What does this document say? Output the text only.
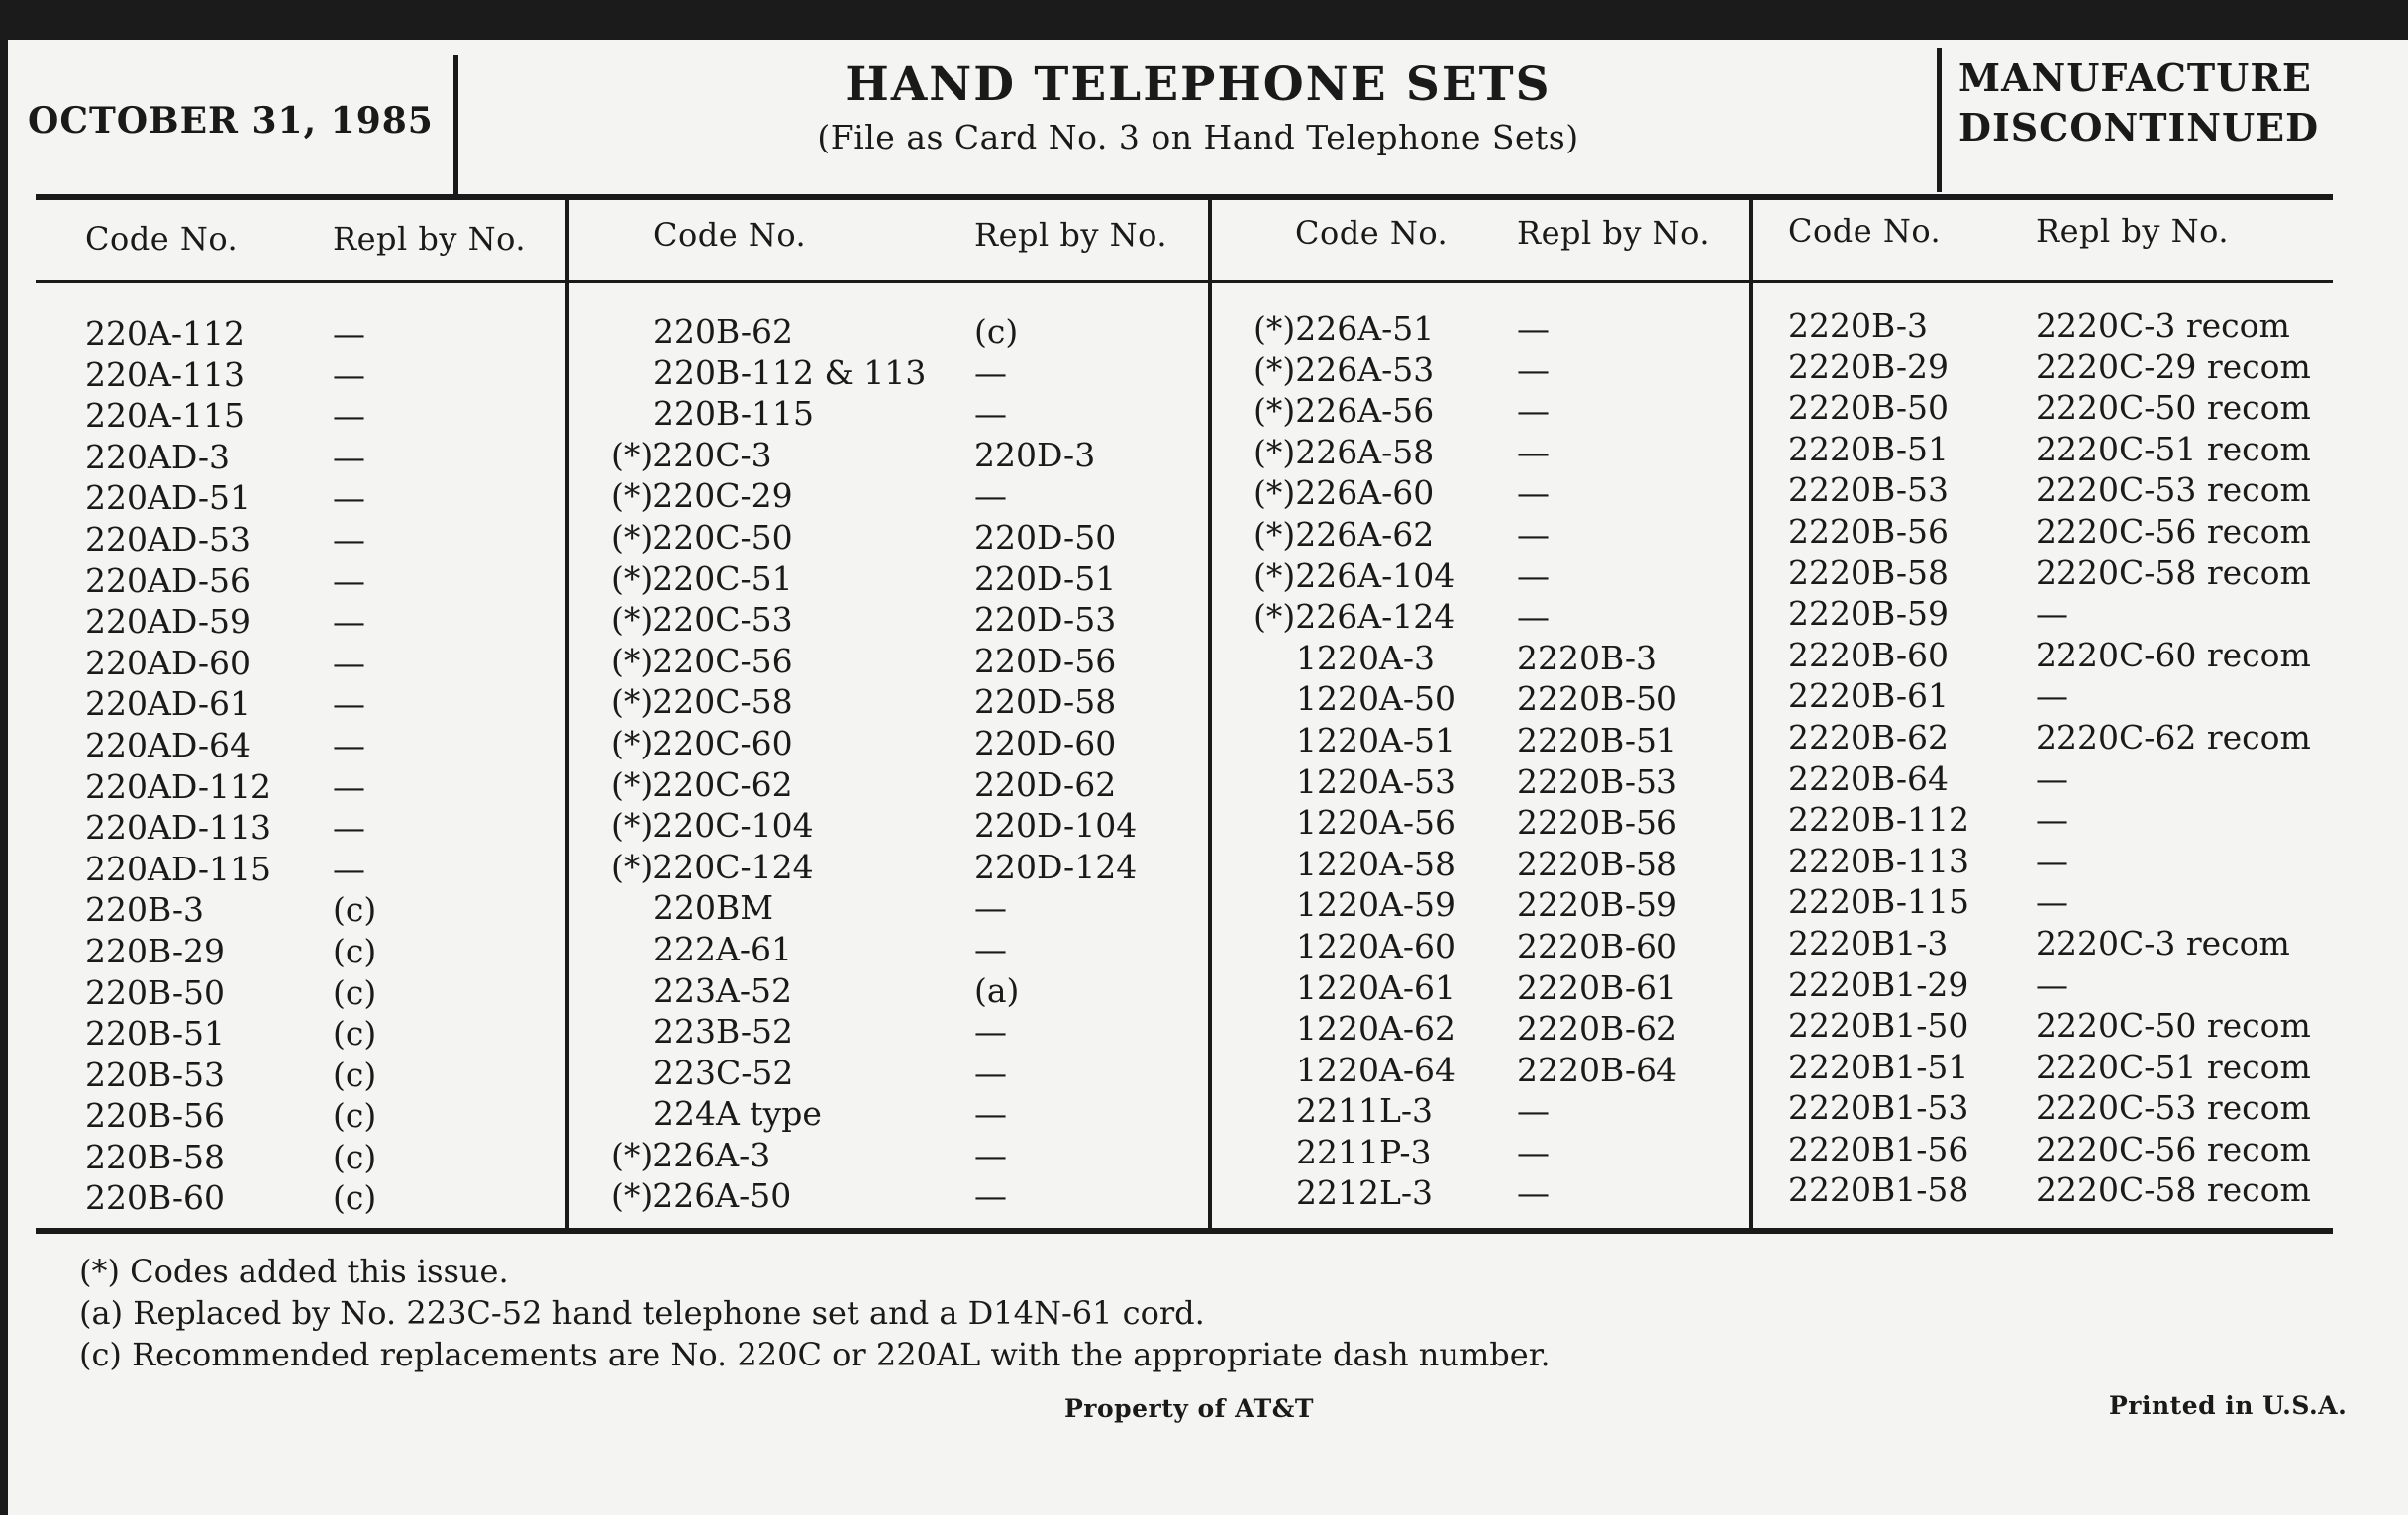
OCTOBER 31, 1985
HAND TELEPHONE SETS
(File as Card No. 3 on Hand Telephone Sets)
MANUFACTURE
DISCONTINUED
Code No.	Repl by No.	Code No.	Repl by No.	Code No. Repl by No. Code No.	Repl by No.
220A-112	—
220A-113	—
220A-115	—
220AD-3	—
220AD-51	—
220AD-53	—
220AD-56	—
220AD-59	—
220AD-60	—
220AD-61	—
220AD-64	—
220AD-112 —
220AD-113 —
220AD-115 —
220B-3	(c)
220B-29	(c)
220B-50	(c)
220B-51	(c)
220B-53	(c)
220B-56	(c)
220B-58	(c)
220B-60	(c)
220B-62	(c)
220B-112 & 113 —
220B-115	—
(*)220C-3	220D-3
(*)220C-29	—
(*)220C-50	220D-50
(*)220C-51	220D-51
(*)220C-53	220D-53
(*)220C-56	220D-56
(*)220C-58	220D-58
(*)220C-60	220D-60
(*)220C-62	220D-62
(*)220C-104	220D-104
(*)220C-124	220D-124
220BM	—
222A-61	—
223A-52	(a)
223B-52	—
223C-52	—
224A type	—
(*)226A-3	—
(*)226A-50	—
(*)226A-51	—
(*)226A-53	—
(*)226A-56	—
(*)226A-58	—
(*)226A-60	—
(*)226A-62	—
(*)226A-104 —
(*)226A-124 —
1220A-3	2220B-3
1220A-50 2220B-50
1220A-51 2220B-51
1220A-53 2220B-53
1220A-56 2220B-56
1220A-58 2220B-58
1220A-59 2220B-59
1220A-60 2220B-60
1220A-61 2220B-61
1220A-62 2220B-62
1220A-64 2220B-64
2211L-3	—
2211P-3	—
2212L-3	—
2220B-3	2220C-3 recom
2220B-29	2220C-29 recom
2220B-50	2220C-50 recom
2220B-51	2220C-51 recom
2220B-53	2220C-53 recom
2220B-56	2220C-56 recom
2220B-58	2220C-58 recom
2220B-59	—
2220B-60	2220C-60 recom
2220B-61	—
2220B-62	2220C-62 recom
2220B-64	—
2220B-112 —
2220B-113 —
2220B-115 —
2220B1-3	2220C-3 recom
2220B1-29 —
2220B1-50 2220C-50 recom
2220B1-51 2220C-51 recom
2220B1-53 2220C-53 recom
2220B1-56 2220C-56 recom
2220B1-58 2220C-58 recom
(*) Codes added this issue.
(a) Replaced by No. 223C-52 hand telephone set and a D14N-61 cord.
(c) Recommended replacements are No. 220C or 220AL with the appropriate dash number.
Property of AT&T	Printed in U.S.A.
